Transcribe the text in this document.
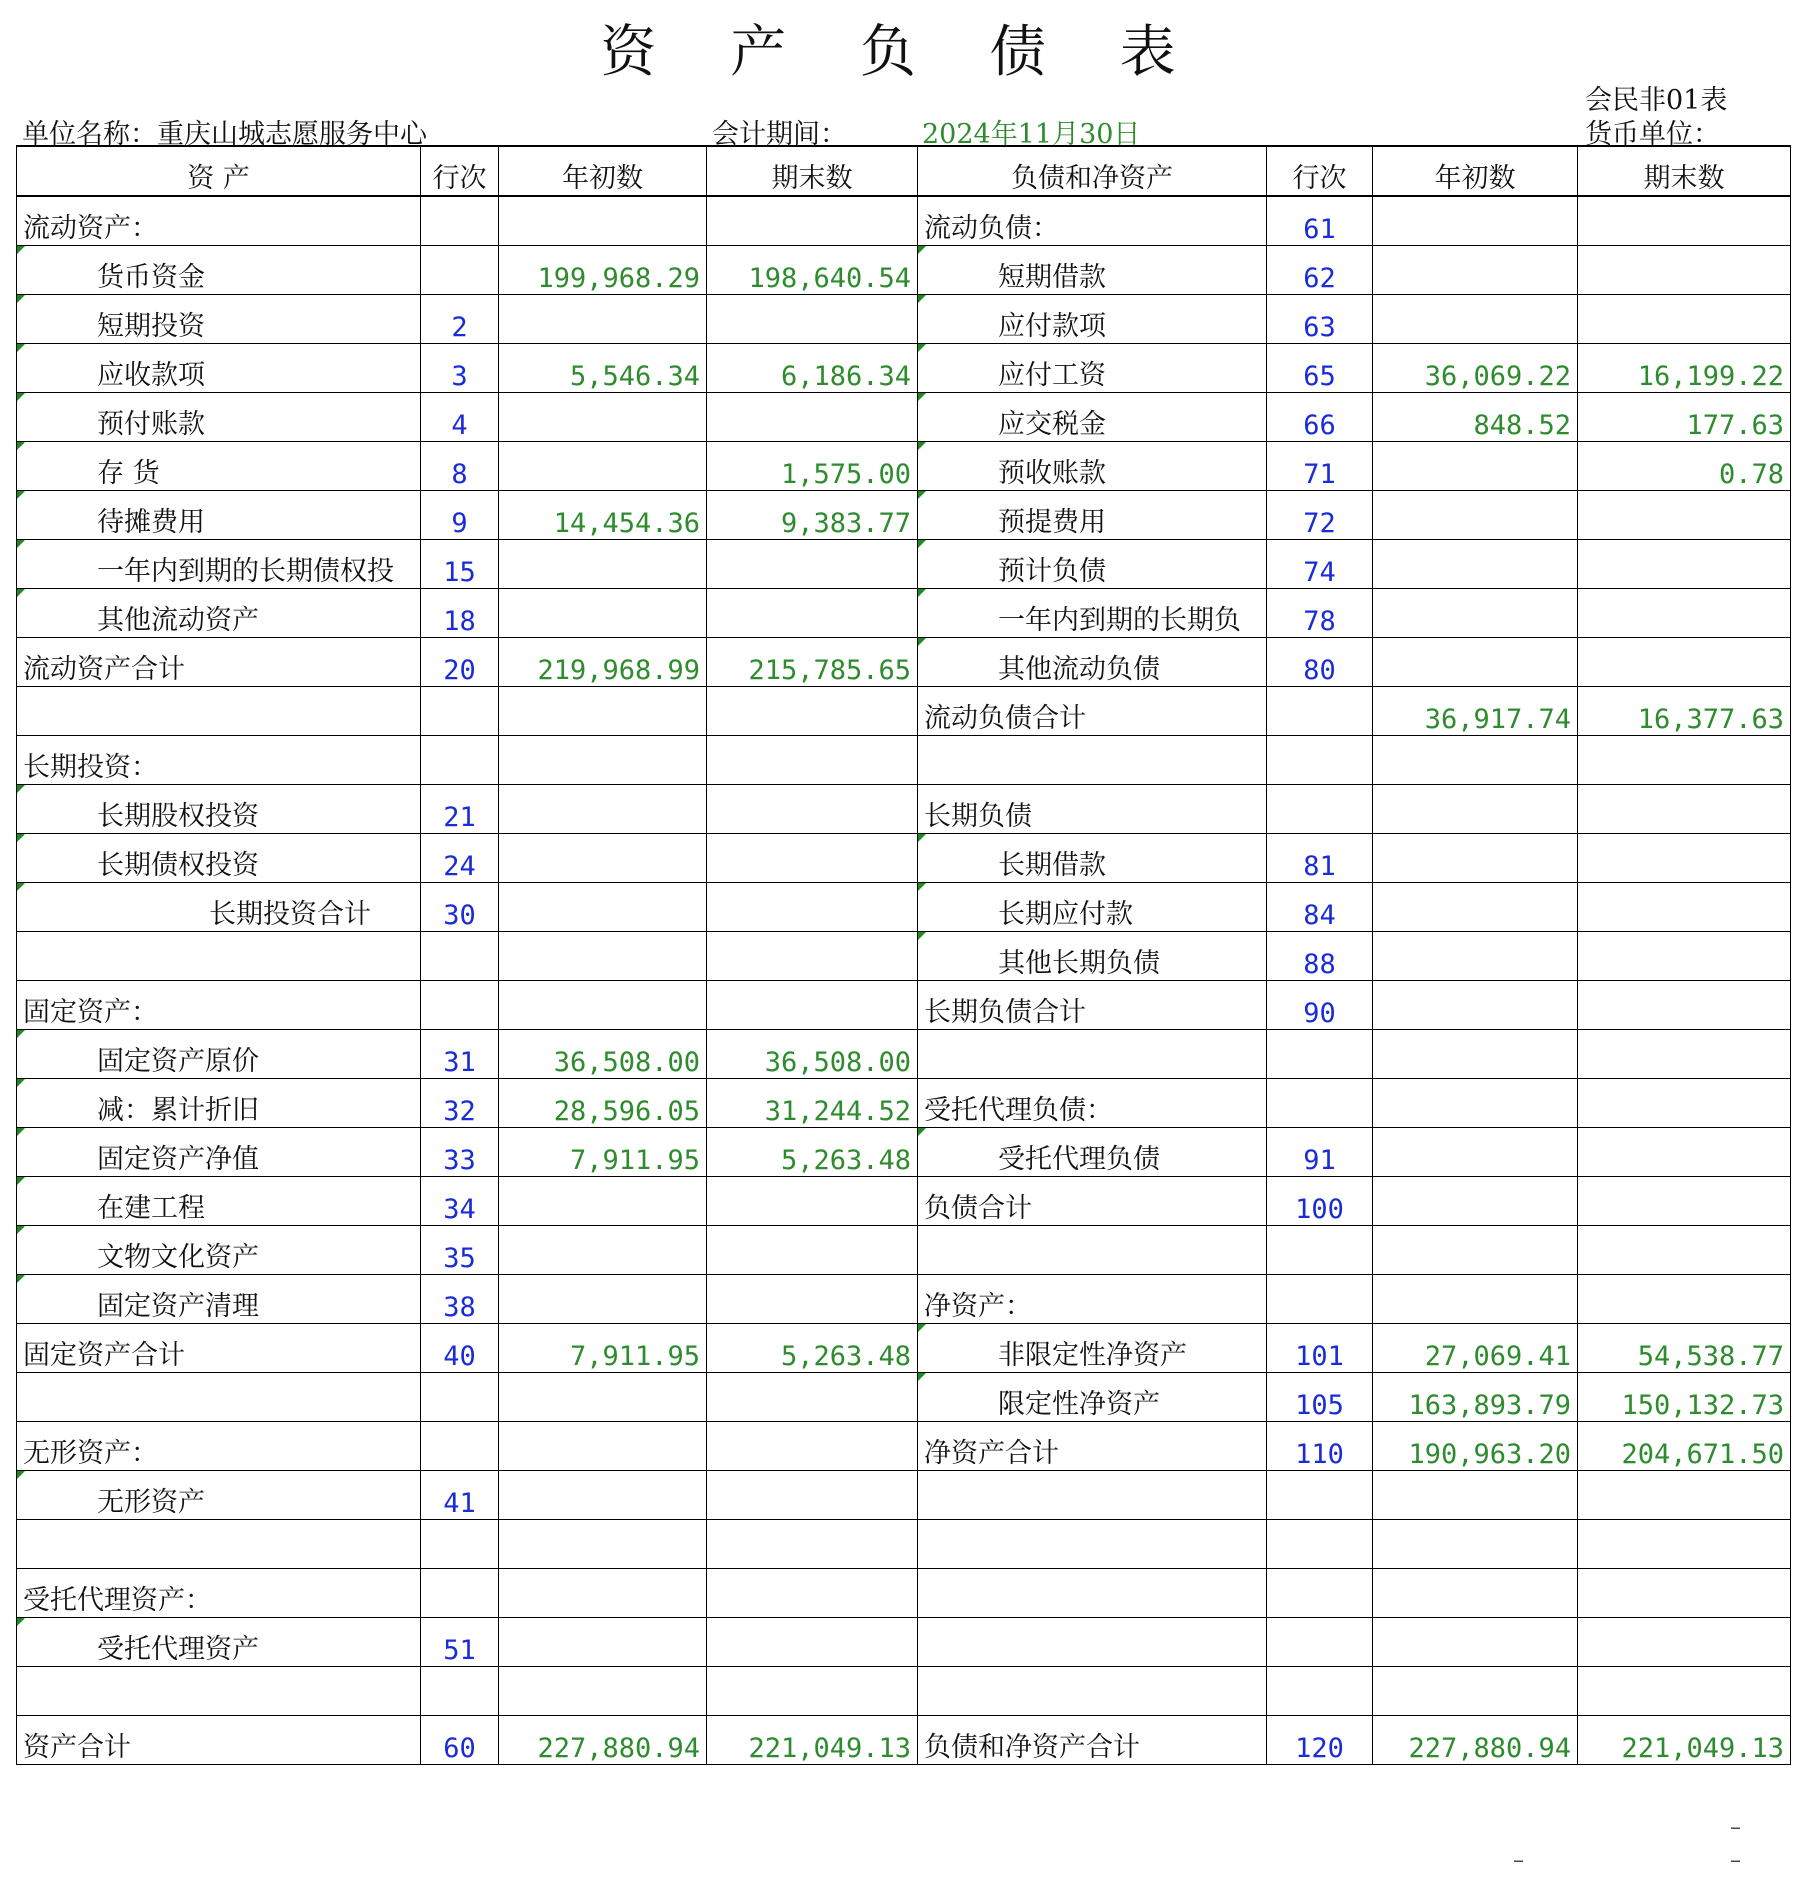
资 产 负 债 表
会民非01表
单位名称：重庆山城志愿服务中心	会计期间：	2024年11月30日	货币单位：
资 产	行次	年初数	期末数	负债和净资产	行次	年初数	期末数
流动资产：				流动负债：	61		
货币资金		199,968.29	198,640.54	短期借款	62		
短期投资	2			应付款项	63		
应收款项	3	5,546.34	6,186.34	应付工资	65	36,069.22	16,199.22
预付账款	4			应交税金	66	848.52	177.63
存 货	8		1,575.00	预收账款	71		0.78
待摊费用	9	14,454.36	9,383.77	预提费用	72		
一年内到期的长期债权投	15			预计负债	74		
其他流动资产	18			一年内到期的长期负	78		
流动资产合计	20	219,968.99	215,785.65	其他流动负债	80		
				流动负债合计		36,917.74	16,377.63
长期投资：							
长期股权投资	21			长期负债			
长期债权投资	24			长期借款	81		
长期投资合计	30			长期应付款	84		
				其他长期负债	88		
固定资产：				长期负债合计	90		
固定资产原价	31	36,508.00	36,508.00				
减：累计折旧	32	28,596.05	31,244.52	受托代理负债：			
固定资产净值	33	7,911.95	5,263.48	受托代理负债	91		
在建工程	34			负债合计	100		
文物文化资产	35						
固定资产清理	38			净资产：			
固定资产合计	40	7,911.95	5,263.48	非限定性净资产	101	27,069.41	54,538.77
				限定性净资产	105	163,893.79	150,132.73
无形资产：				净资产合计	110	190,963.20	204,671.50
无形资产	41						

受托代理资产：							
受托代理资产	51						

资产合计	60	227,880.94	221,049.13	负债和净资产合计	120	227,880.94	221,049.13
–
–	–
